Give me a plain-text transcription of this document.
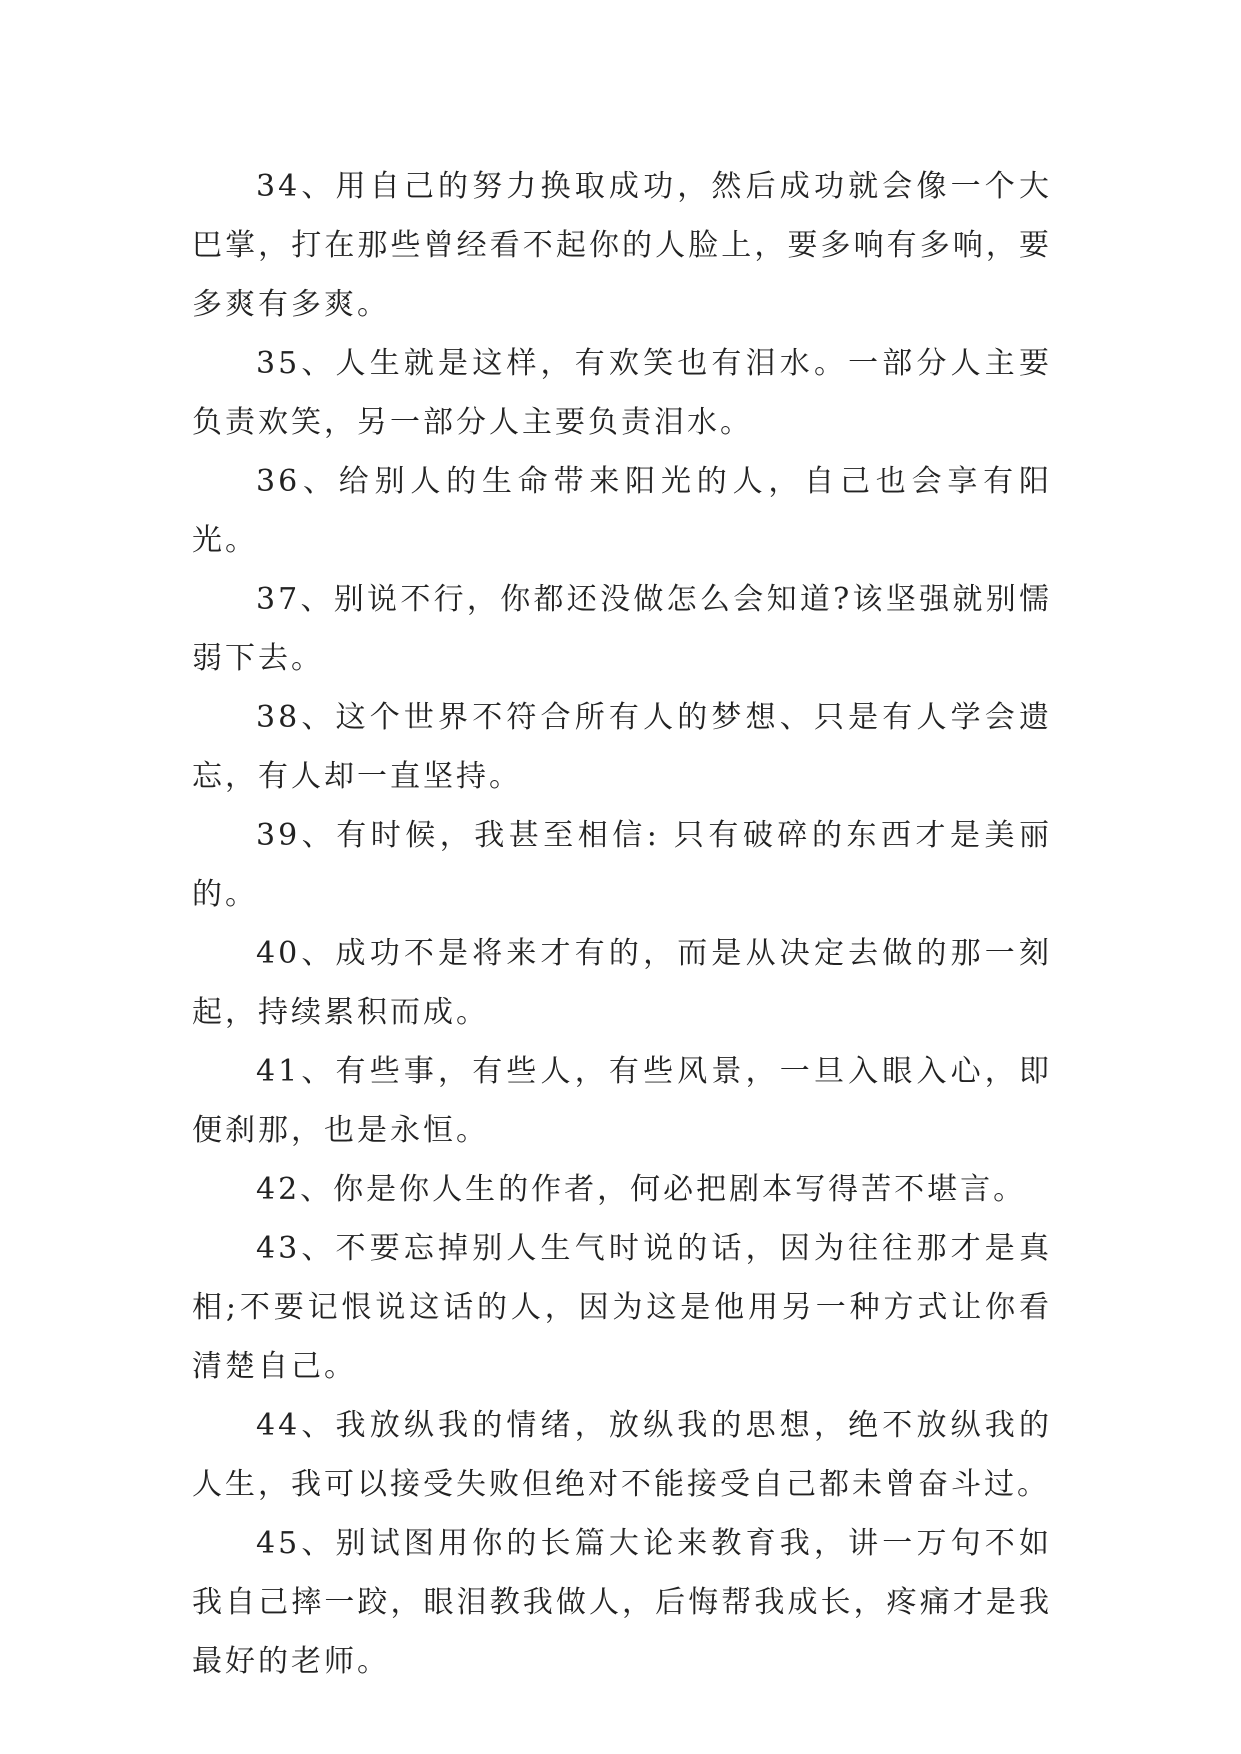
34、用自己的努力换取成功，然后成功就会像一个大巴掌，打在那些曾经看不起你的人脸上，要多响有多响，要多爽有多爽。

35、人生就是这样，有欢笑也有泪水。一部分人主要负责欢笑，另一部分人主要负责泪水。

36、给别人的生命带来阳光的人，自己也会享有阳光。

37、别说不行，你都还没做怎么会知道?该坚强就别懦弱下去。

38、这个世界不符合所有人的梦想、只是有人学会遗忘，有人却一直坚持。

39、有时候，我甚至相信: 只有破碎的东西才是美丽的。

40、成功不是将来才有的，而是从决定去做的那一刻起，持续累积而成。

41、有些事，有些人，有些风景，一旦入眼入心，即便刹那，也是永恒。

42、你是你人生的作者，何必把剧本写得苦不堪言。

43、不要忘掉别人生气时说的话，因为往往那才是真相;不要记恨说这话的人，因为这是他用另一种方式让你看清楚自己。

44、我放纵我的情绪，放纵我的思想，绝不放纵我的人生，我可以接受失败但绝对不能接受自己都未曾奋斗过。

45、别试图用你的长篇大论来教育我，讲一万句不如我自己摔一跤，眼泪教我做人，后悔帮我成长，疼痛才是我最好的老师。
